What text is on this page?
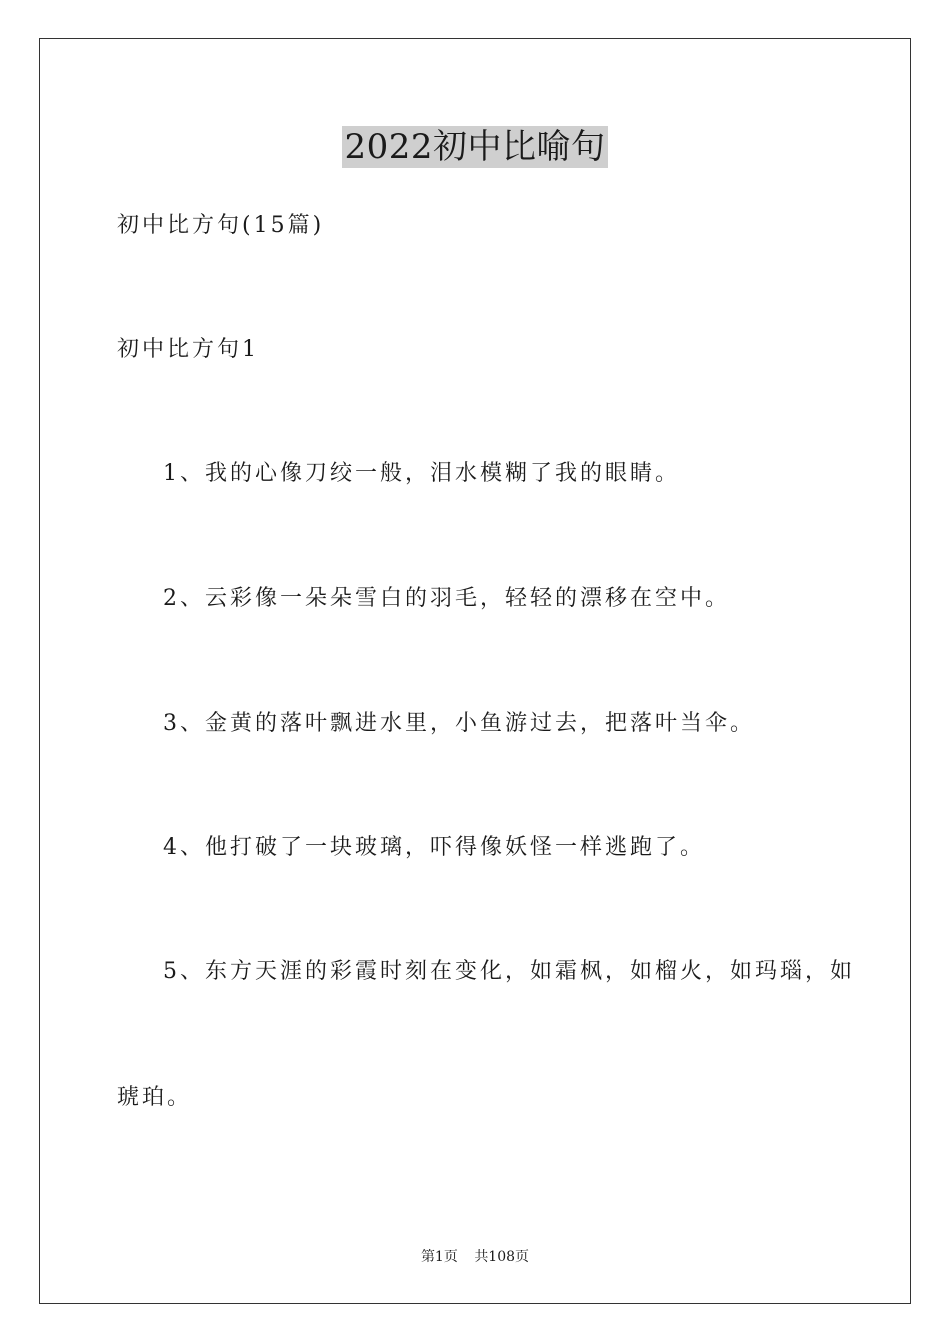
2022初中比喻句
初中比方句(15篇)
初中比方句1
1、我的心像刀绞一般，泪水模糊了我的眼睛。
2、云彩像一朵朵雪白的羽毛，轻轻的漂移在空中。
3、金黄的落叶飘进水里，小鱼游过去，把落叶当伞。
4、他打破了一块玻璃，吓得像妖怪一样逃跑了。
5、东方天涯的彩霞时刻在变化，如霜枫，如榴火，如玛瑙，如
琥珀。
第1页 共108页
